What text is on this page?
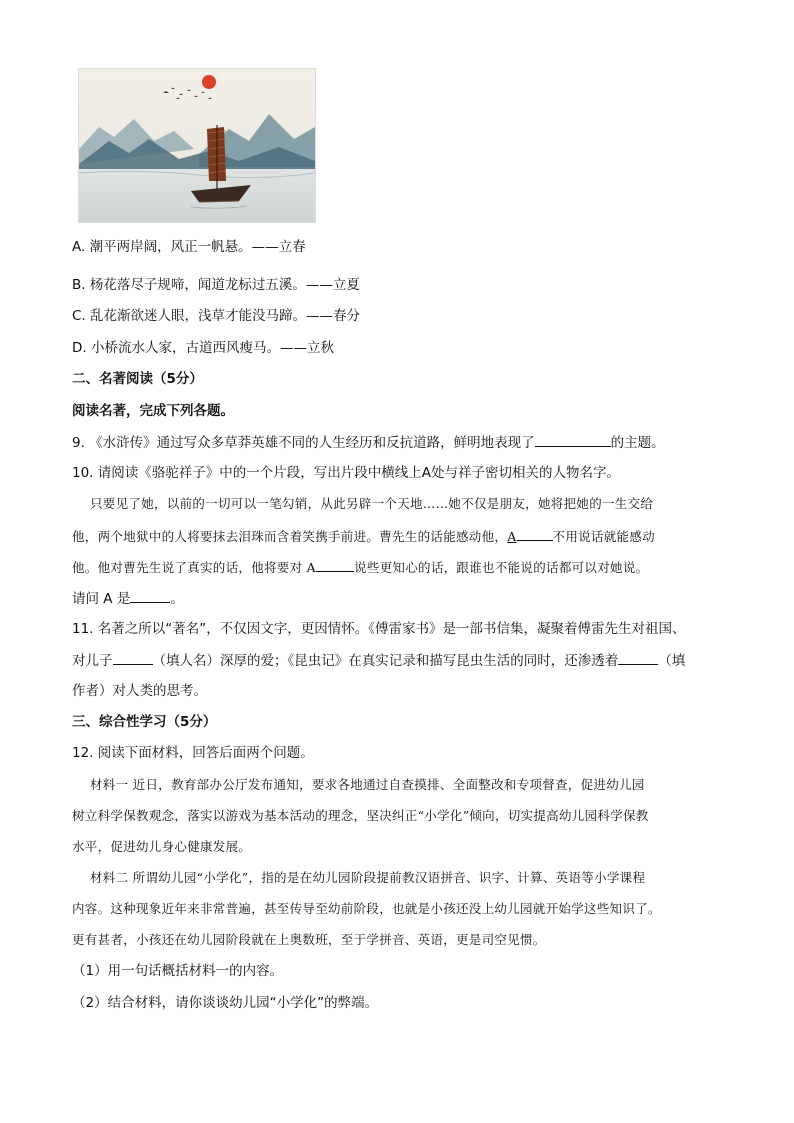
A. 潮平两岸阔，风正一帆悬。——立春
B. 杨花落尽子规啼，闻道龙标过五溪。——立夏
C. 乱花渐欲迷人眼，浅草才能没马蹄。——春分
D. 小桥流水人家，古道西风瘦马。——立秋
二、名著阅读（5分）
阅读名著，完成下列各题。
9. 《水浒传》通过写众多草莽英雄不同的人生经历和反抗道路，鲜明地表现了	的主题。
10. 请阅读《骆驼祥子》中的一个片段，写出片段中横线上A处与祥子密切相关的人物名字。
只要见了她，以前的一切可以一笔勾销，从此另辟一个天地……她不仅是朋友，她将把她的一生交给
他，两个地狱中的人将要抹去泪珠而含着笑携手前进。曹先生的话能感动他，A	不用说话就能感动
他。他对曹先生说了真实的话，他将要对 A	说些更知心的话，跟谁也不能说的话都可以对她说。
请问 A 是	。
11. 名著之所以“著名”，不仅因文字，更因情怀。《傅雷家书》是一部书信集，凝聚着傅雷先生对祖国、
对儿子	（填人名）深厚的爱；《昆虫记》在真实记录和描写昆虫生活的同时，还渗透着	（填
作者）对人类的思考。
三、综合性学习（5分）
12. 阅读下面材料，回答后面两个问题。
材料一 近日，教育部办公厅发布通知，要求各地通过自查摸排、全面整改和专项督查，促进幼儿园
树立科学保教观念，落实以游戏为基本活动的理念，坚决纠正“小学化”倾向，切实提高幼儿园科学保教
水平，促进幼儿身心健康发展。
材料二 所谓幼儿园“小学化”，指的是在幼儿园阶段提前教汉语拼音、识字、计算、英语等小学课程
内容。这种现象近年来非常普遍，甚至传导至幼前阶段，也就是小孩还没上幼儿园就开始学这些知识了。
更有甚者，小孩还在幼儿园阶段就在上奥数班，至于学拼音、英语，更是司空见惯。
（1）用一句话概括材料一的内容。
（2）结合材料，请你谈谈幼儿园“小学化”的弊端。
